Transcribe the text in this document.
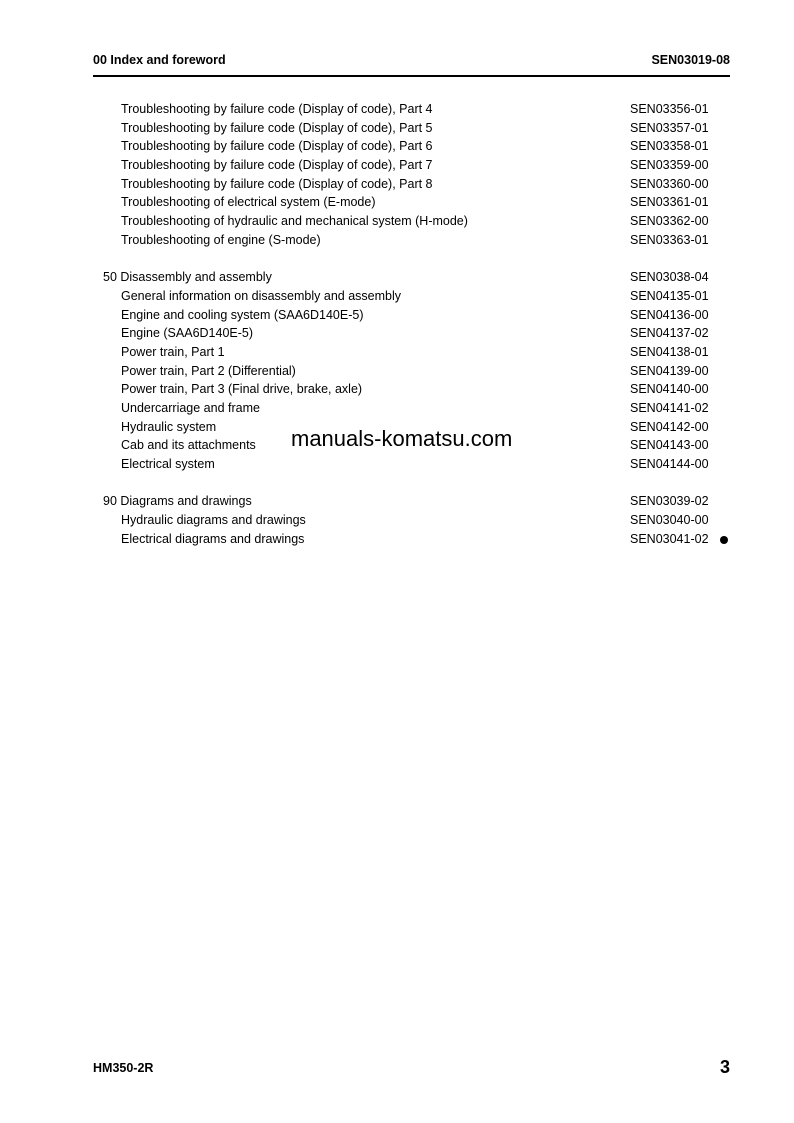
00 Index and foreword	SEN03019-08
Troubleshooting by failure code (Display of code), Part 4	SEN03356-01
Troubleshooting by failure code (Display of code), Part 5	SEN03357-01
Troubleshooting by failure code (Display of code), Part 6	SEN03358-01
Troubleshooting by failure code (Display of code), Part 7	SEN03359-00
Troubleshooting by failure code (Display of code), Part 8	SEN03360-00
Troubleshooting of electrical system (E-mode)	SEN03361-01
Troubleshooting of hydraulic and mechanical system (H-mode)	SEN03362-00
Troubleshooting of engine (S-mode)	SEN03363-01
50 Disassembly and assembly	SEN03038-04
General information on disassembly and assembly	SEN04135-01
Engine and cooling system (SAA6D140E-5)	SEN04136-00
Engine (SAA6D140E-5)	SEN04137-02
Power train, Part 1	SEN04138-01
Power train, Part 2 (Differential)	SEN04139-00
Power train, Part 3 (Final drive, brake, axle)	SEN04140-00
Undercarriage and frame	SEN04141-02
Hydraulic system	SEN04142-00
Cab and its attachments	SEN04143-00
Electrical system	SEN04144-00
90 Diagrams and drawings	SEN03039-02
Hydraulic diagrams and drawings	SEN03040-00
Electrical diagrams and drawings	SEN03041-02
manuals-komatsu.com
HM350-2R	3
